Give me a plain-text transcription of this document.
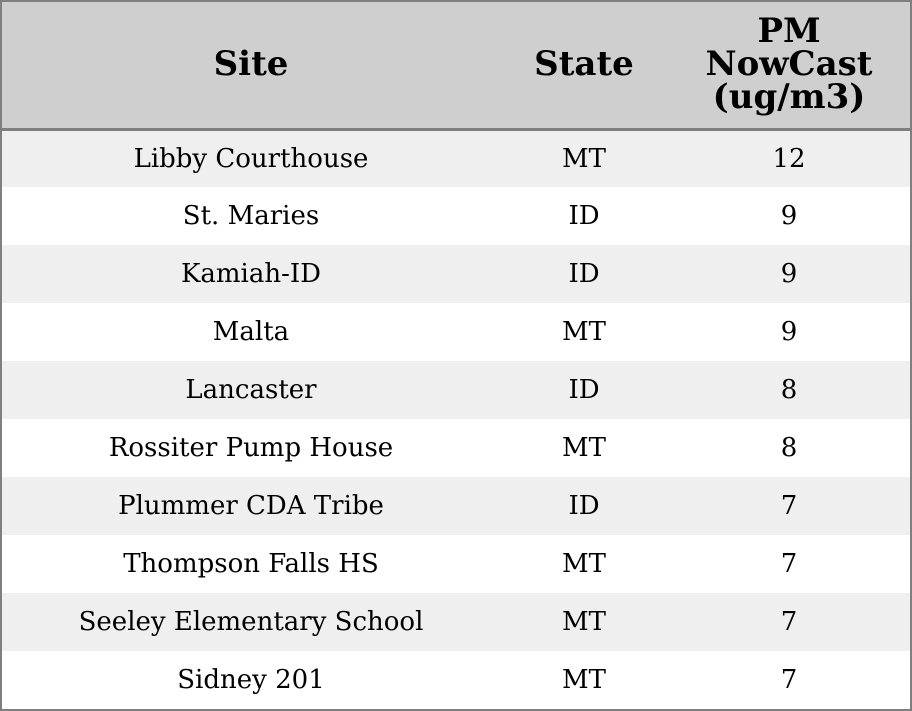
Site	State	PM NowCast (ug/m3)
Libby Courthouse	MT	12
St. Maries	ID	9
Kamiah-ID	ID	9
Malta	MT	9
Lancaster	ID	8
Rossiter Pump House	MT	8
Plummer CDA Tribe	ID	7
Thompson Falls HS	MT	7
Seeley Elementary School	MT	7
Sidney 201	MT	7
